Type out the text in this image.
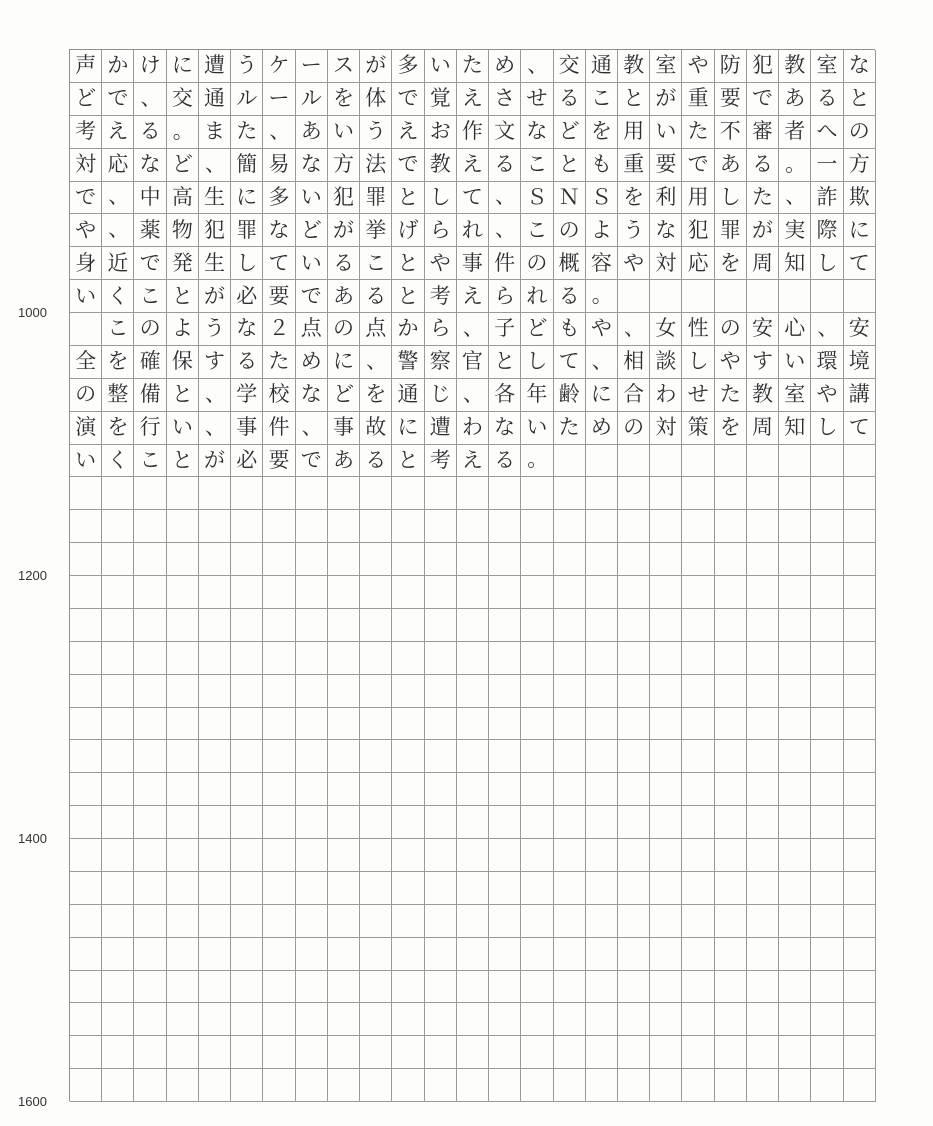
声 か け に 遭 う ケ ー ス が 多 い た め 、 交 通 教 室 や 防 犯 教 室 な
ど で 、 交 通 ル ー ル を 体 で 覚 え さ せ る こ と が 重 要 で あ る と
考 え る 。 ま た 、 あ い う え お 作 文 な ど を 用 い た 不 審 者 へ の
対 応 な ど 、 簡 易 な 方 法 で 教 え る こ と も 重 要 で あ る 。 一 方
で 、 中 高 生 に 多 い 犯 罪 と し て 、 Ｓ Ｎ Ｓ を 利 用 し た 、 詐 欺
や 、 薬 物 犯 罪 な ど が 挙 げ ら れ 、 こ の よ う な 犯 罪 が 実 際 に
身 近 で 発 生 し て い る こ と や 事 件 の 概 容 や 対 応 を 周 知 し て
い く こ と が 必 要 で あ る と 考 え ら れ る 。
こ の よ う な ２ 点 の 点 か ら 、 子 ど も や 、 女 性 の 安 心 、 安
全 を 確 保 す る た め に 、 警 察 官 と し て 、 相 談 し や す い 環 境
の 整 備 と 、 学 校 な ど を 通 じ 、 各 年 齢 に 合 わ せ た 教 室 や 講
演 を 行 い 、 事 件 、 事 故 に 遭 わ な い た め の 対 策 を 周 知 し て
い く こ と が 必 要 で あ る と 考 え る 。
1000
1200
1400
1600
